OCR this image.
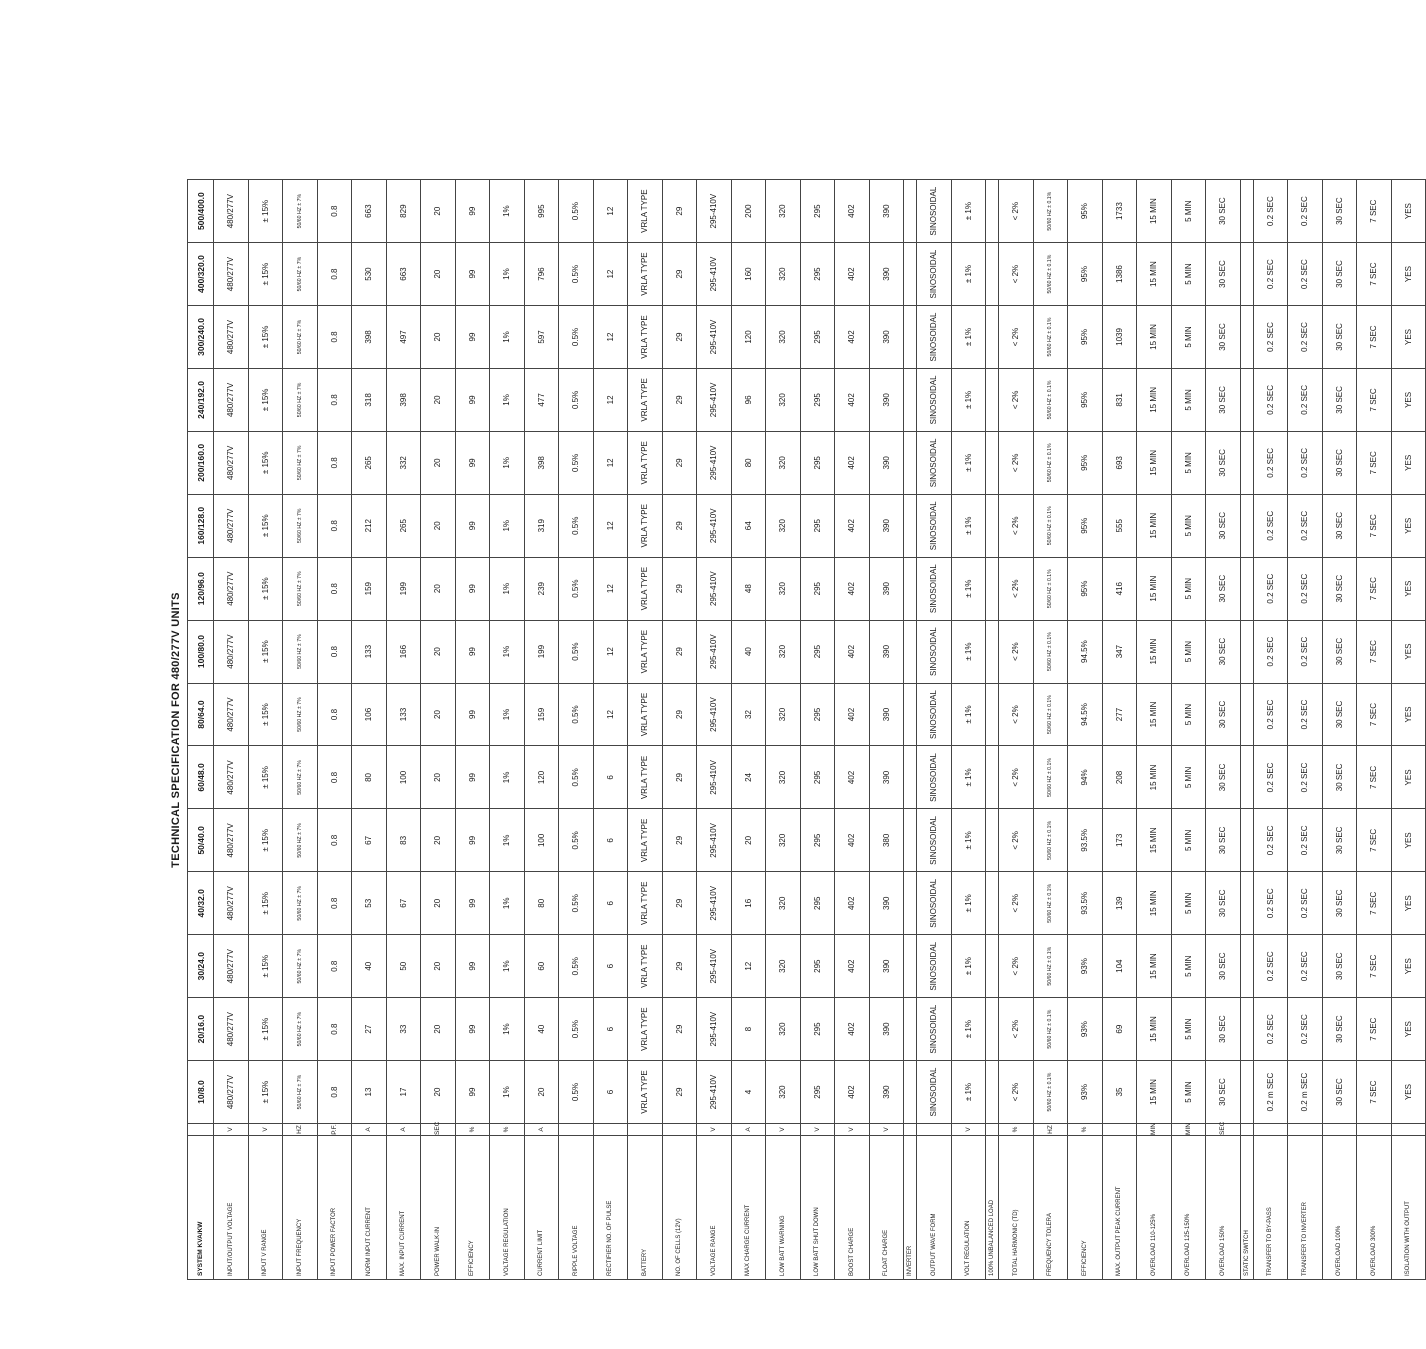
TECHNICAL SPECIFICATION FOR 480/277V UNITS
SYSTEM KVA/KW		10/8.0	20/16.0	30/24.0	40/32.0	50/40.0	60/48.0	80/64.0	100/80.0	120/96.0	160/128.0	200/160.0	240/192.0	300/240.0	400/320.0	500/400.0
INPUT/OUTPUT VOLTAGE	V	480/277V	480/277V	480/277V	480/277V	480/277V	480/277V	480/277V	480/277V	480/277V	480/277V	480/277V	480/277V	480/277V	480/277V	480/277V
INPUT V RANGE	V	± 15%	± 15%	± 15%	± 15%	± 15%	± 15%	± 15%	± 15%	± 15%	± 15%	± 15%	± 15%	± 15%	± 15%	± 15%
INPUT FREQUENCY	HZ	50/60 HZ ± 7%	50/60 HZ ± 7%	50/60 HZ ± 7%	50/60 HZ ± 7%	50/60 HZ ± 7%	50/60 HZ ± 7%	50/60 HZ ± 7%	50/60 HZ ± 7%	50/60 HZ ± 7%	50/60 HZ ± 7%	50/60 HZ ± 7%	50/60 HZ ± 7%	50/60 HZ ± 7%	50/60 HZ ± 7%	50/60 HZ ± 7%
INPUT POWER FACTOR	P.F.	0.8	0.8	0.8	0.8	0.8	0.8	0.8	0.8	0.8	0.8	0.8	0.8	0.8	0.8	0.8
NORM INPUT CURRENT	A	13	27	40	53	67	80	106	133	159	212	265	318	398	530	663
MAX. INPUT CURRENT	A	17	33	50	67	83	100	133	166	199	265	332	398	497	663	829
POWER WALK-IN	SEC	20	20	20	20	20	20	20	20	20	20	20	20	20	20	20
EFFICIENCY	%	99	99	99	99	99	99	99	99	99	99	99	99	99	99	99
VOLTAGE REGULATION	%	1%	1%	1%	1%	1%	1%	1%	1%	1%	1%	1%	1%	1%	1%	1%
CURRENT LIMIT	A	20	40	60	80	100	120	159	199	239	319	398	477	597	796	995
RIPPLE VOLTAGE		0.5%	0.5%	0.5%	0.5%	0.5%	0.5%	0.5%	0.5%	0.5%	0.5%	0.5%	0.5%	0.5%	0.5%	0.5%
RECTIFIER NO. OF PULSE		6	6	6	6	6	6	12	12	12	12	12	12	12	12	12
BATTERY		VRLA TYPE	VRLA TYPE	VRLA TYPE	VRLA TYPE	VRLA TYPE	VRLA TYPE	VRLA TYPE	VRLA TYPE	VRLA TYPE	VRLA TYPE	VRLA TYPE	VRLA TYPE	VRLA TYPE	VRLA TYPE	VRLA TYPE
NO. OF CELLS (12V)		29	29	29	29	29	29	29	29	29	29	29	29	29	29	29
VOLTAGE RANGE	V	295-410V	295-410V	295-410V	295-410V	295-410V	295-410V	295-410V	295-410V	295-410V	295-410V	295-410V	295-410V	295-410V	295-410V	295-410V
MAX CHARGE CURRENT	A	4	8	12	16	20	24	32	40	48	64	80	96	120	160	200
LOW BATT WARNING	V	320	320	320	320	320	320	320	320	320	320	320	320	320	320	320
LOW BATT SHUT DOWN	V	295	295	295	295	295	295	295	295	295	295	295	295	295	295	295
BOOST CHARGE	V	402	402	402	402	402	402	402	402	402	402	402	402	402	402	402
FLOAT CHARGE	V	390	390	390	390	380	390	390	390	390	390	390	390	390	390	390
INVERTER																
OUTPUT WAVE FORM		SINOSOIDAL	SINOSOIDAL	SINOSOIDAL	SINOSOIDAL	SINOSOIDAL	SINOSOIDAL	SINOSOIDAL	SINOSOIDAL	SINOSOIDAL	SINOSOIDAL	SINOSOIDAL	SINOSOIDAL	SINOSOIDAL	SINOSOIDAL	SINOSOIDAL
VOLT REGULATION	V	± 1%	± 1%	± 1%	± 1%	± 1%	± 1%	± 1%	± 1%	± 1%	± 1%	± 1%	± 1%	± 1%	± 1%	± 1%
100% UNBALANCED LOAD																
TOTAL HARMONIC (TD)	%	< 2%	< 2%	< 2%	< 2%	< 2%	< 2%	< 2%	< 2%	< 2%	< 2%	< 2%	< 2%	< 2%	< 2%	< 2%
FREQUENCY TOLERA	HZ	50/60 HZ ± 0.1%	50/60 HZ ± 0.1%	50/60 HZ ± 0.1%	50/60 HZ ± 0.1%	50/60 HZ ± 0.1%	50/60 HZ ± 0.1%	50/60 HZ ± 0.1%	50/60 HZ ± 0.1%	50/60 HZ ± 0.1%	50/60 HZ ± 0.1%	50/60 HZ ± 0.1%	50/60 HZ ± 0.1%	50/60 HZ ± 0.1%	50/60 HZ ± 0.1%	50/60 HZ ± 0.1%
EFFICIENCY	%	93%	93%	93%	93.5%	93.5%	94%	94.5%	94.5%	95%	95%	95%	95%	95%	95%	95%
MAX. OUTPUT PEAK CURRENT		35	69	104	139	173	208	277	347	416	555	693	831	1039	1386	1733
OVERLOAD 110-125%	MIN	15 MIN	15 MIN	15 MIN	15 MIN	15 MIN	15 MIN	15 MIN	15 MIN	15 MIN	15 MIN	15 MIN	15 MIN	15 MIN	15 MIN	15 MIN
OVERLOAD 125-150%	MIN	5 MIN	5 MIN	5 MIN	5 MIN	5 MIN	5 MIN	5 MIN	5 MIN	5 MIN	5 MIN	5 MIN	5 MIN	5 MIN	5 MIN	5 MIN
OVERLOAD 150%	SEC	30 SEC	30 SEC	30 SEC	30 SEC	30 SEC	30 SEC	30 SEC	30 SEC	30 SEC	30 SEC	30 SEC	30 SEC	30 SEC	30 SEC	30 SEC
STATIC SWITCH																
TRANSFER TO BY-PASS		0.2 m SEC	0.2 SEC	0.2 SEC	0.2 SEC	0.2 SEC	0.2 SEC	0.2 SEC	0.2 SEC	0.2 SEC	0.2 SEC	0.2 SEC	0.2 SEC	0.2 SEC	0.2 SEC	0.2 SEC
TRANSFER TO INVERTER		0.2 m SEC	0.2 SEC	0.2 SEC	0.2 SEC	0.2 SEC	0.2 SEC	0.2 SEC	0.2 SEC	0.2 SEC	0.2 SEC	0.2 SEC	0.2 SEC	0.2 SEC	0.2 SEC	0.2 SEC
OVERLOAD 100%		30 SEC	30 SEC	30 SEC	30 SEC	30 SEC	30 SEC	30 SEC	30 SEC	30 SEC	30 SEC	30 SEC	30 SEC	30 SEC	30 SEC	30 SEC
OVERLOAD 300%		7 SEC	7 SEC	7 SEC	7 SEC	7 SEC	7 SEC	7 SEC	7 SEC	7 SEC	7 SEC	7 SEC	7 SEC	7 SEC	7 SEC	7 SEC
ISOLATION WITH OUTPUT		YES	YES	YES	YES	YES	YES	YES	YES	YES	YES	YES	YES	YES	YES	YES
